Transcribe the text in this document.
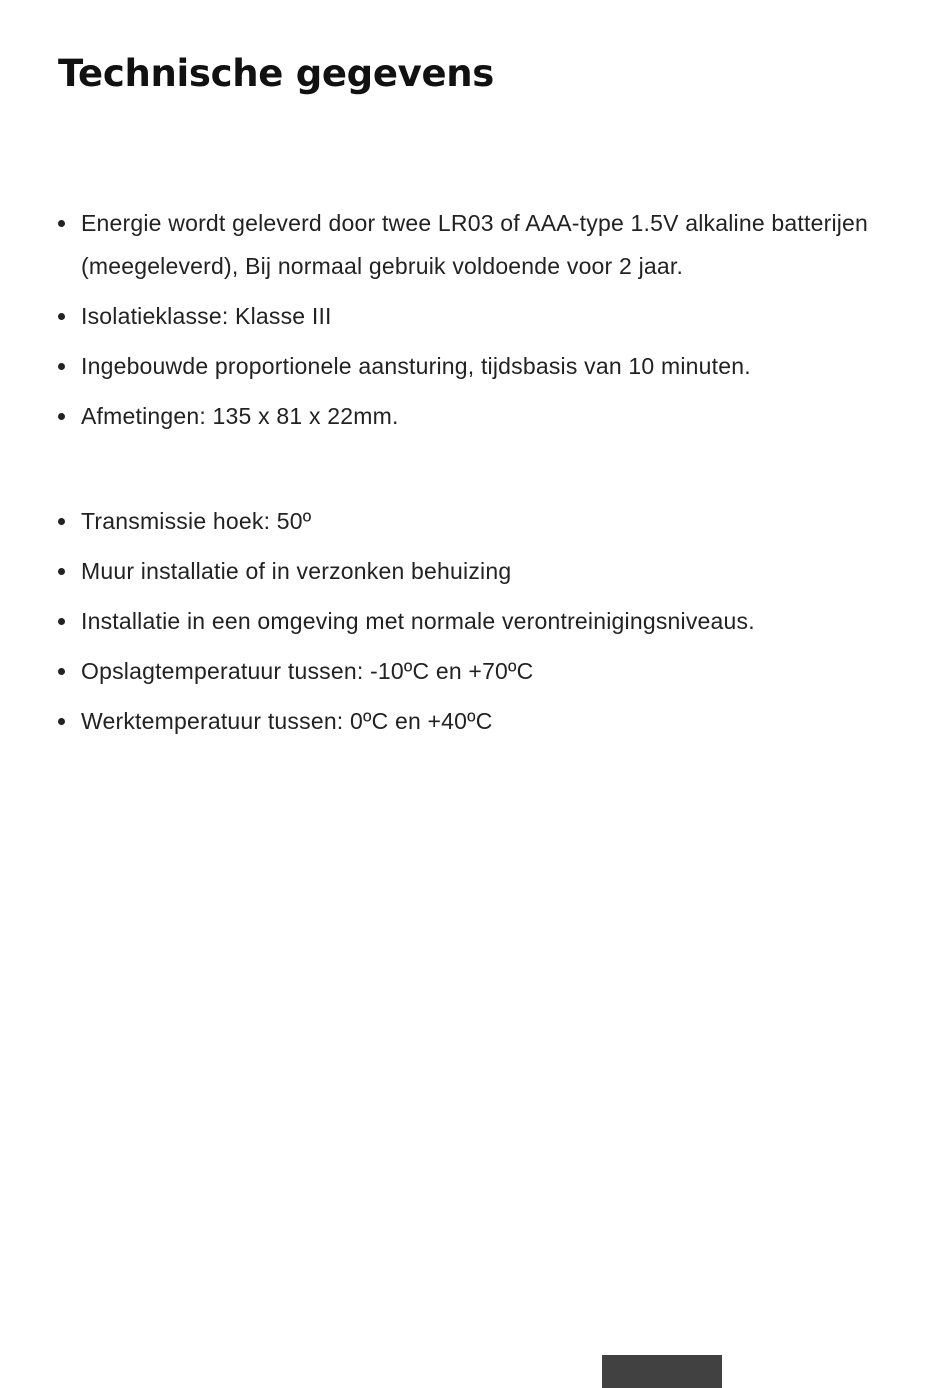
Technische gegevens
Energie wordt geleverd door twee LR03 of AAA-type 1.5V alkaline batterijen (meegeleverd), Bij normaal gebruik voldoende voor 2 jaar.
Isolatieklasse: Klasse III
Ingebouwde proportionele aansturing, tijdsbasis van 10 minuten.
Afmetingen: 135 x 81 x 22mm.
Transmissie hoek: 50º
Muur installatie of in verzonken behuizing
Installatie in een omgeving met normale verontreinigingsniveaus.
Opslagtemperatuur tussen: -10ºC en +70ºC
Werktemperatuur tussen: 0ºC en +40ºC
